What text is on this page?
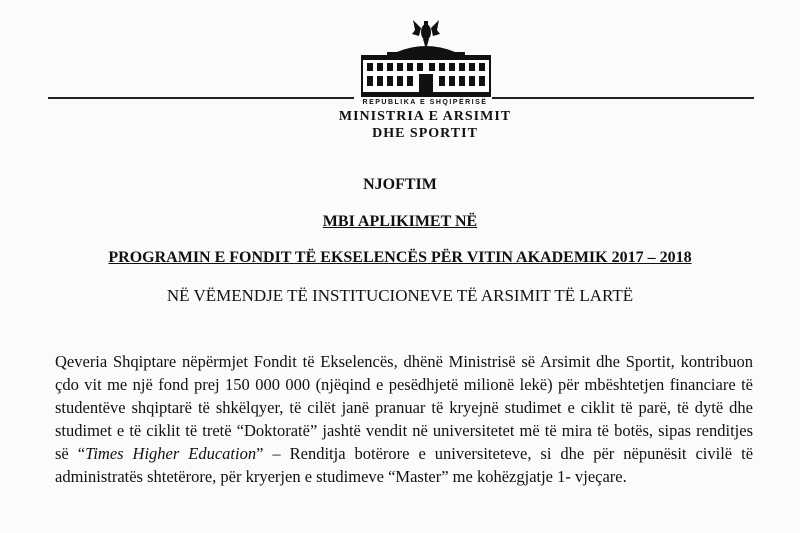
REPUBLIKA E SHQIPËRISË
MINISTRIA E ARSIMIT
DHE SPORTIT
NJOFTIM
MBI APLIKIMET NË
PROGRAMIN E FONDIT TË EKSELENCËS PËR VITIN AKADEMIK 2017 – 2018
NË VËMENDJE TË INSTITUCIONEVE TË ARSIMIT TË LARTË

Qeveria Shqiptare nëpërmjet Fondit të Ekselencës, dhënë Ministrisë së Arsimit dhe Sportit, kontribuon çdo vit me një fond prej 150 000 000 (njëqind e pesëdhjetë milionë lekë) për mbështetjen financiare të studentëve shqiptarë të shkëlqyer, të cilët janë pranuar të kryejnë studimet e ciklit të parë, të dytë dhe studimet e të ciklit të tretë “Doktoratë” jashtë vendit në universitetet më të mira të botës, sipas renditjes së “Times Higher Education” – Renditja botërore e universiteteve, si dhe për nëpunësit civilë të administratës shtetërore, për kryerjen e studimeve “Master” me kohëzgjatje 1- vjeçare.
